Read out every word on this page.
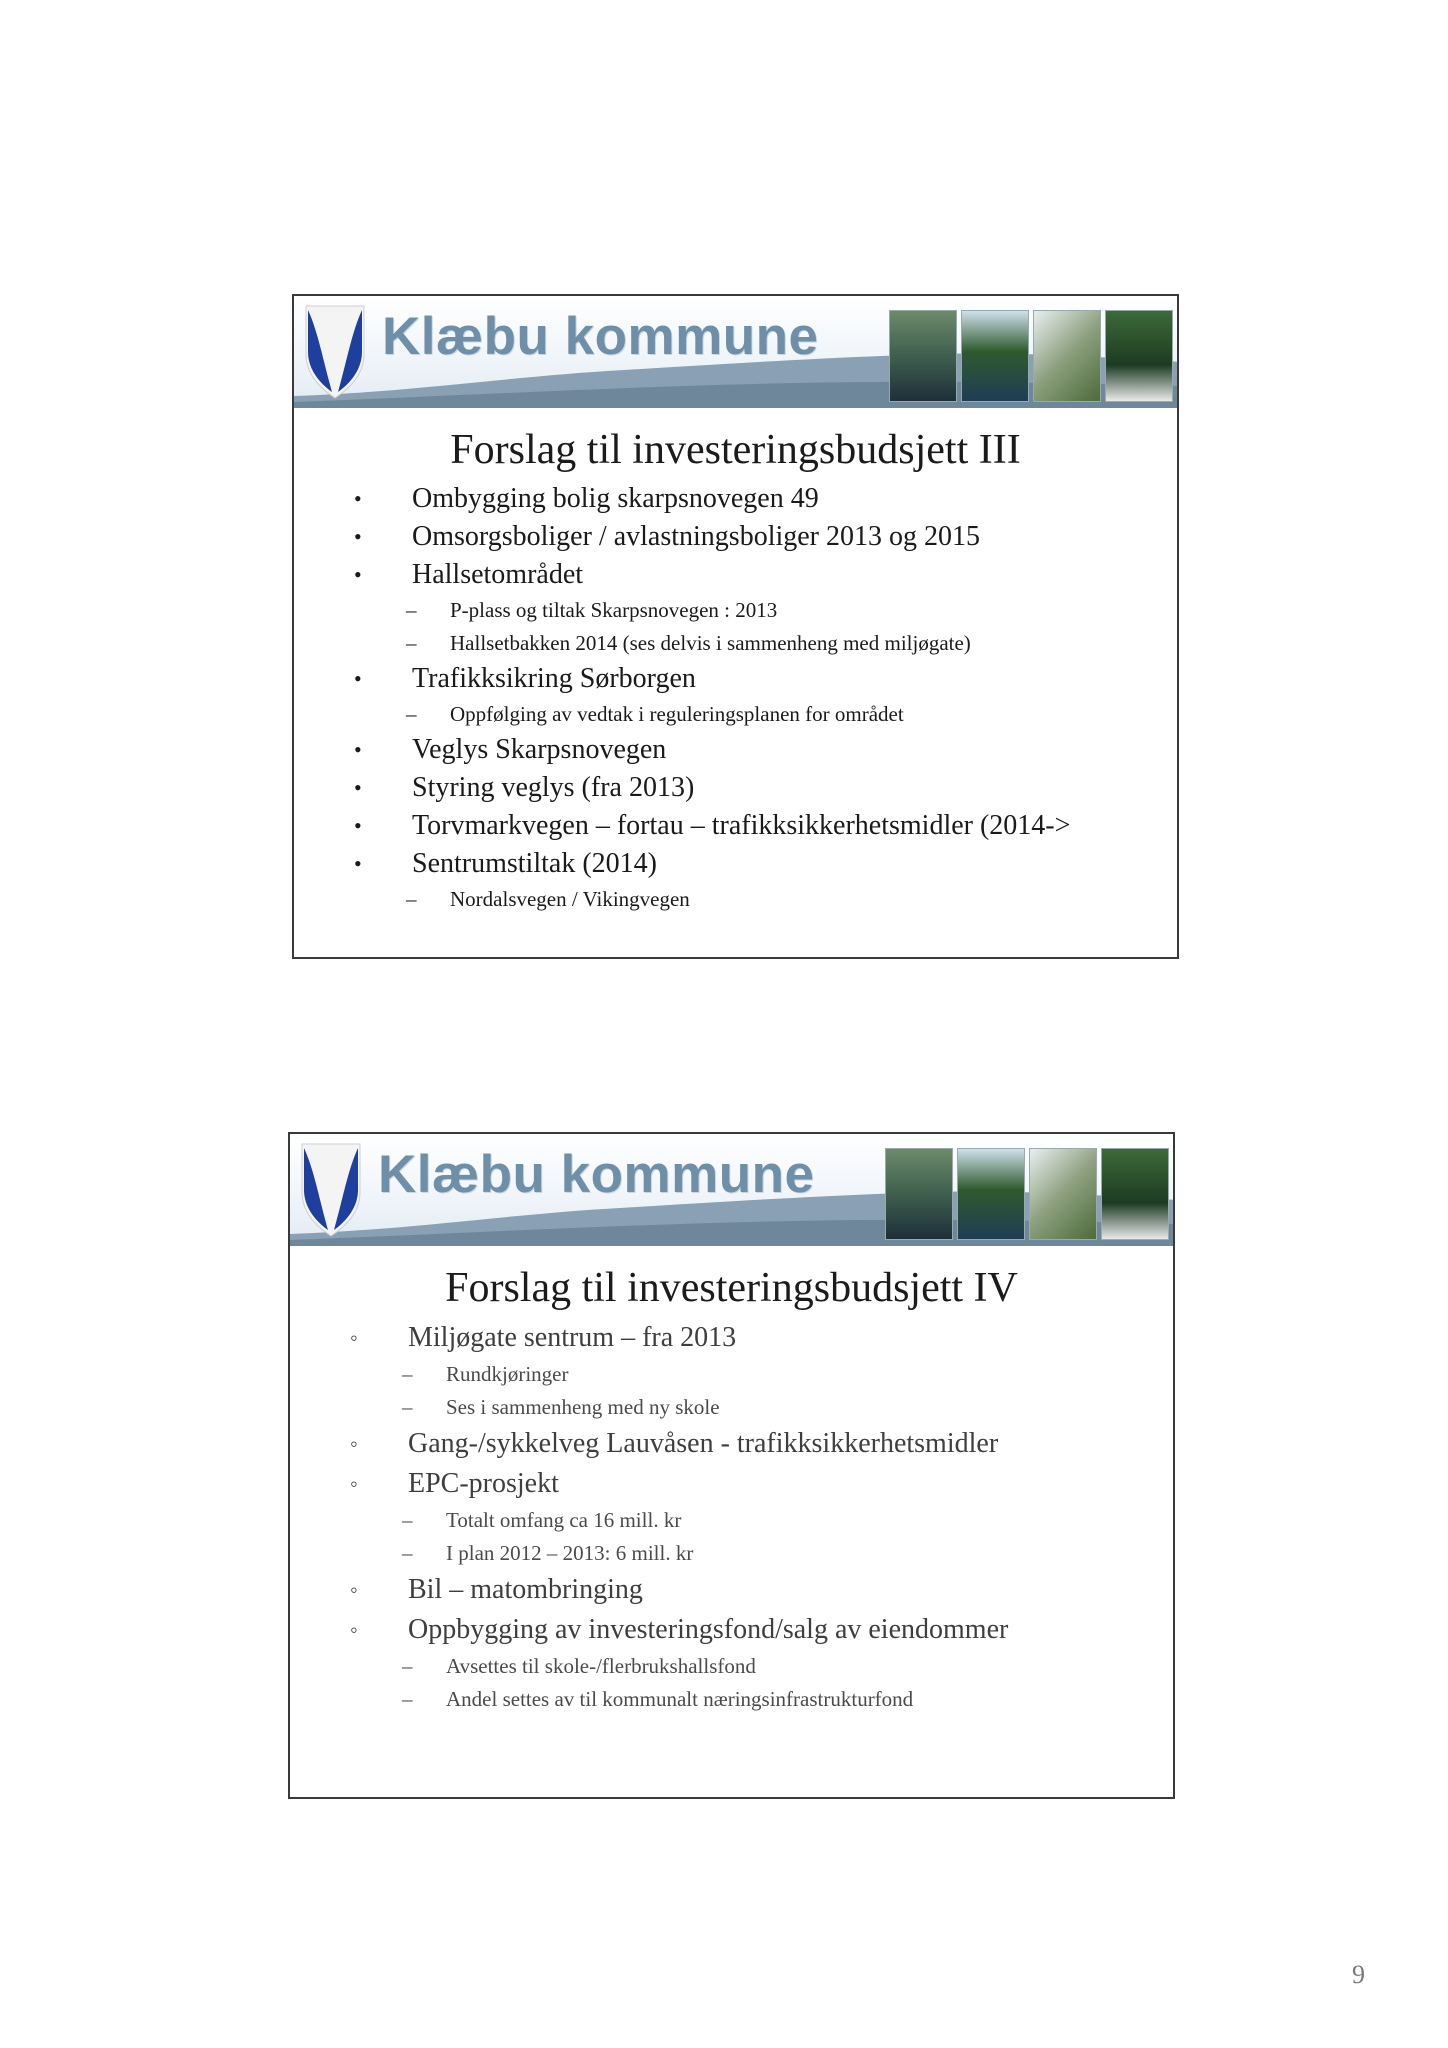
Klæbu kommune
Forslag til investeringsbudsjett III
• Ombygging bolig skarpsnovegen 49
• Omsorgsboliger / avlastningsboliger 2013 og 2015
• Hallsetområdet
– P-plass og tiltak Skarpsnovegen : 2013
– Hallsetbakken 2014 (ses delvis i sammenheng med miljøgate)
• Trafikksikring Sørborgen
– Oppfølging av vedtak i reguleringsplanen for området
• Veglys Skarpsnovegen
• Styring veglys (fra 2013)
• Torvmarkvegen – fortau – trafikksikkerhetsmidler (2014->
• Sentrumstiltak (2014)
– Nordalsvegen / Vikingvegen
Klæbu kommune
Forslag til investeringsbudsjett IV
◦ Miljøgate sentrum – fra 2013
– Rundkjøringer
– Ses i sammenheng med ny skole
◦ Gang-/sykkelveg Lauvåsen - trafikksikkerhetsmidler
◦ EPC-prosjekt
– Totalt omfang ca 16 mill. kr
– I plan 2012 – 2013: 6 mill. kr
◦ Bil – matombringing
◦ Oppbygging av investeringsfond/salg av eiendommer
– Avsettes til skole-/flerbrukshallsfond
– Andel settes av til kommunalt næringsinfrastrukturfond
9
